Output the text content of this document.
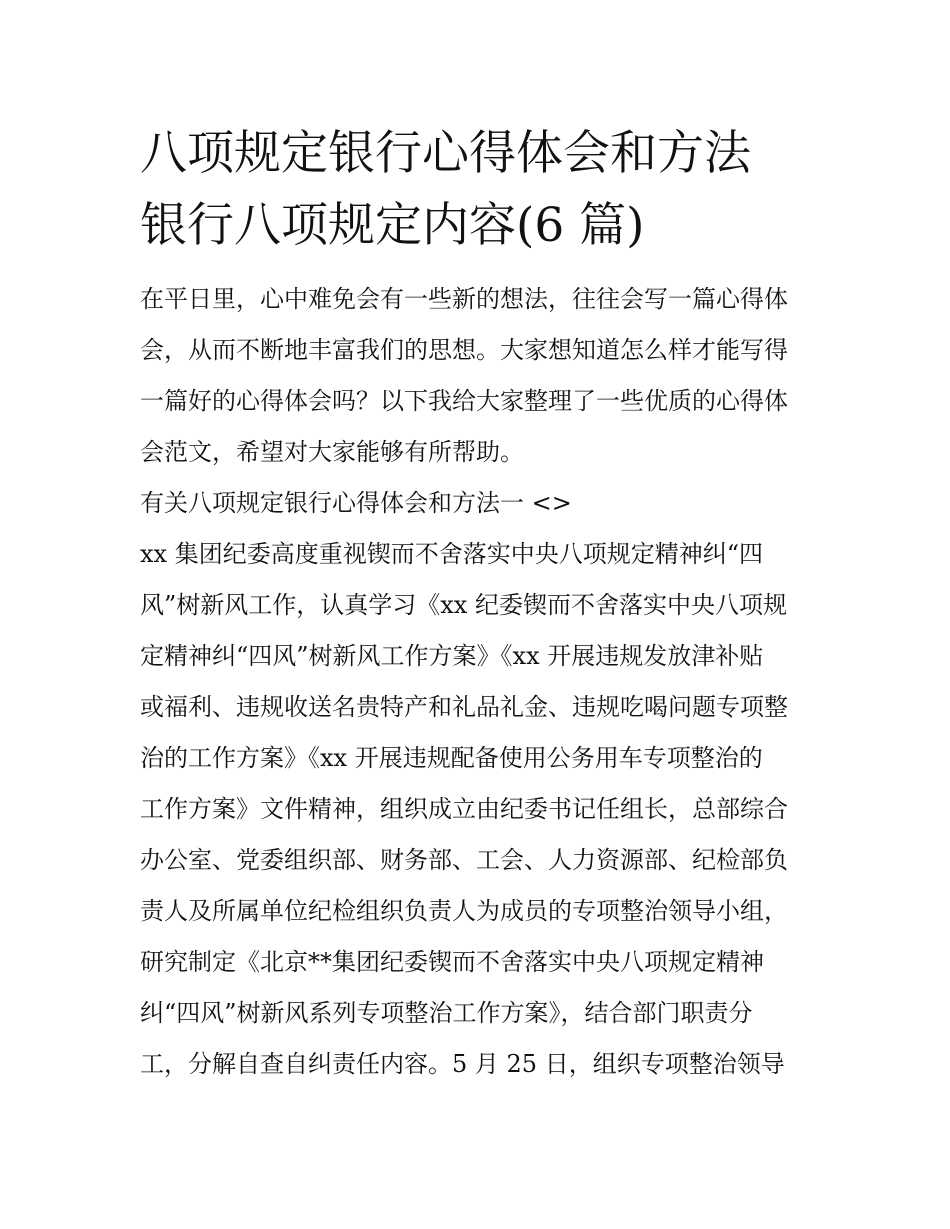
八项规定银行心得体会和方法
银行八项规定内容(6 篇)
在平日里，心中难免会有一些新的想法，往往会写一篇心得体
会，从而不断地丰富我们的思想。大家想知道怎么样才能写得
一篇好的心得体会吗？以下我给大家整理了一些优质的心得体
会范文，希望对大家能够有所帮助。
有关八项规定银行心得体会和方法一 <>
xx 集团纪委高度重视锲而不舍落实中央八项规定精神纠“四
风”树新风工作，认真学习《xx 纪委锲而不舍落实中央八项规
定精神纠“四风”树新风工作方案》《xx 开展违规发放津补贴
或福利、违规收送名贵特产和礼品礼金、违规吃喝问题专项整
治的工作方案》《xx 开展违规配备使用公务用车专项整治的
工作方案》文件精神，组织成立由纪委书记任组长，总部综合
办公室、党委组织部、财务部、工会、人力资源部、纪检部负
责人及所属单位纪检组织负责人为成员的专项整治领导小组，
研究制定《北京**集团纪委锲而不舍落实中央八项规定精神
纠“四风”树新风系列专项整治工作方案》，结合部门职责分
工，分解自查自纠责任内容。5 月 25 日，组织专项整治领导
